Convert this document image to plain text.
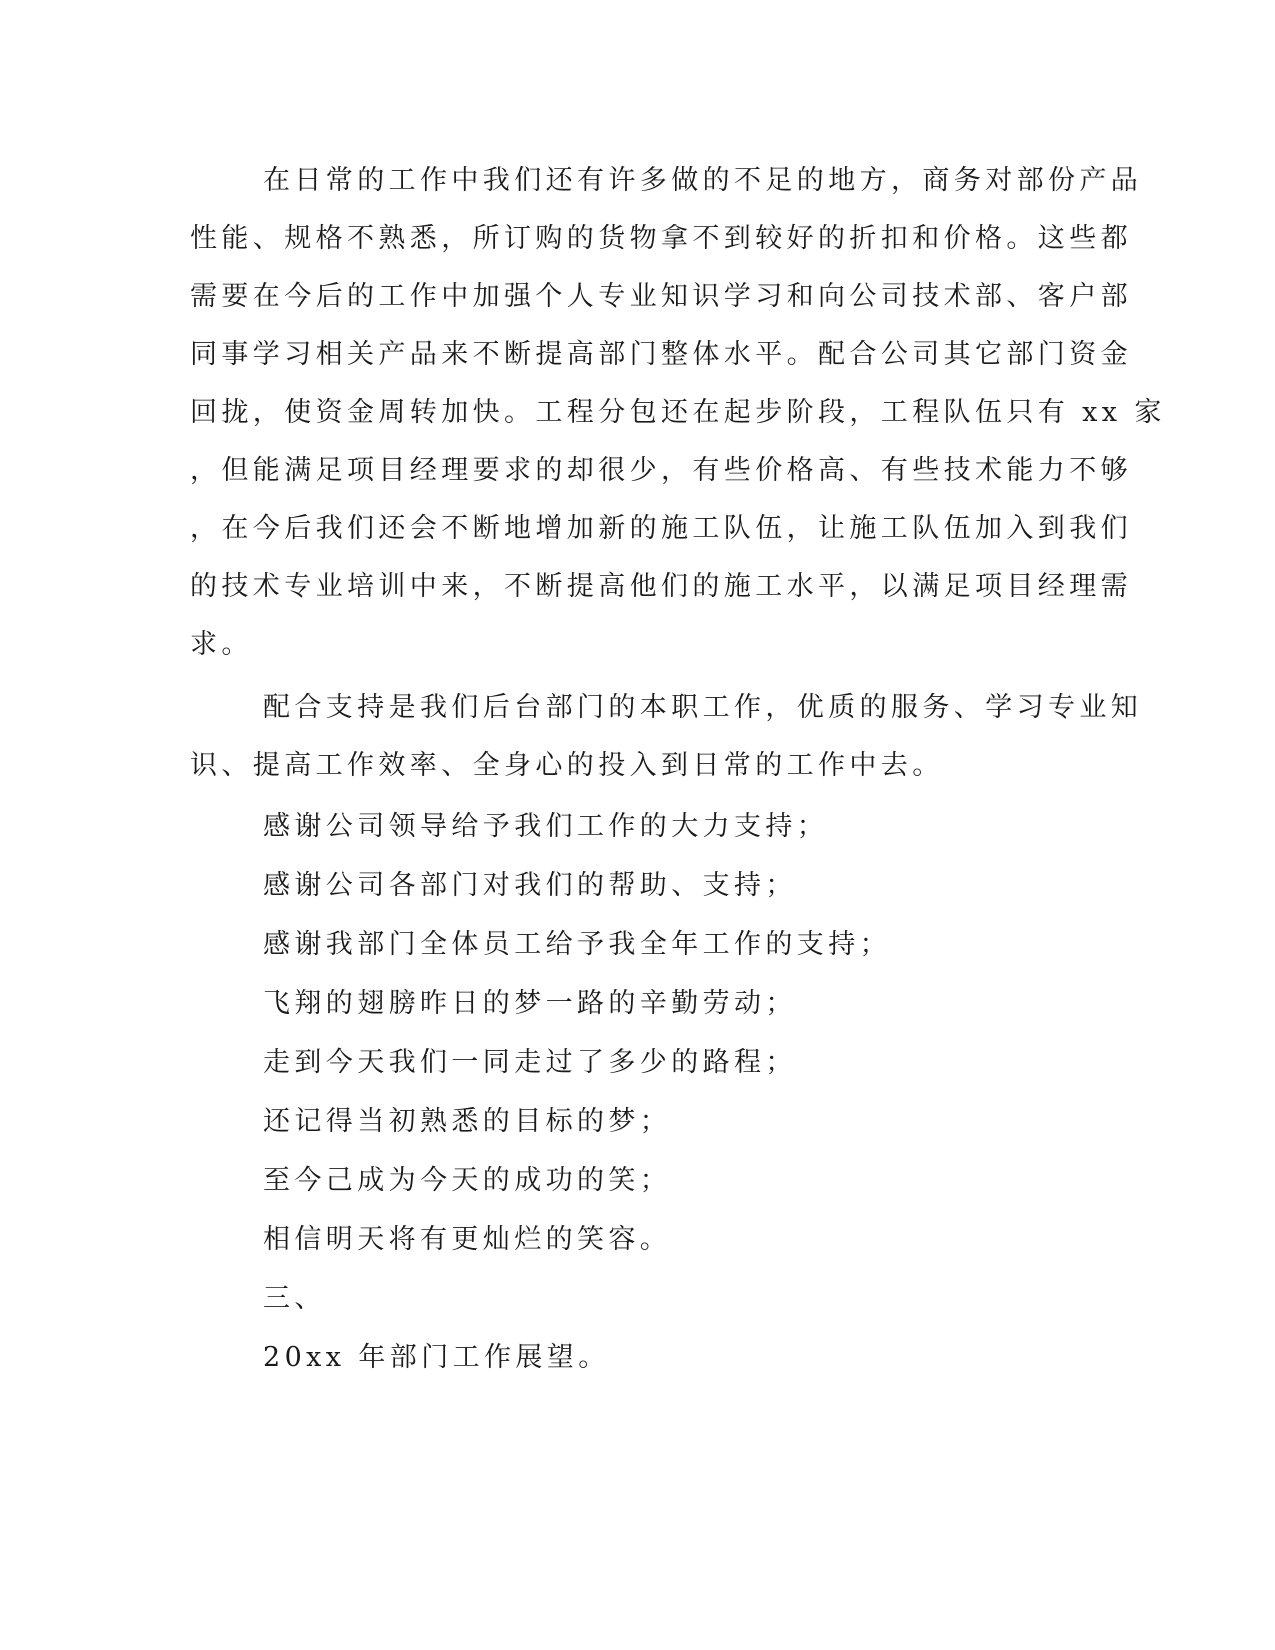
在日常的工作中我们还有许多做的不足的地方，商务对部份产品
性能、规格不熟悉，所订购的货物拿不到较好的折扣和价格。这些都
需要在今后的工作中加强个人专业知识学习和向公司技术部、客户部
同事学习相关产品来不断提高部门整体水平。配合公司其它部门资金
回拢，使资金周转加快。工程分包还在起步阶段，工程队伍只有 xx 家
，但能满足项目经理要求的却很少，有些价格高、有些技术能力不够
，在今后我们还会不断地增加新的施工队伍，让施工队伍加入到我们
的技术专业培训中来，不断提高他们的施工水平，以满足项目经理需
求。
配合支持是我们后台部门的本职工作，优质的服务、学习专业知
识、提高工作效率、全身心的投入到日常的工作中去。
感谢公司领导给予我们工作的大力支持；
感谢公司各部门对我们的帮助、支持；
感谢我部门全体员工给予我全年工作的支持；
飞翔的翅膀昨日的梦一路的辛勤劳动；
走到今天我们一同走过了多少的路程；
还记得当初熟悉的目标的梦；
至今己成为今天的成功的笑；
相信明天将有更灿烂的笑容。
三、
20xx 年部门工作展望。
